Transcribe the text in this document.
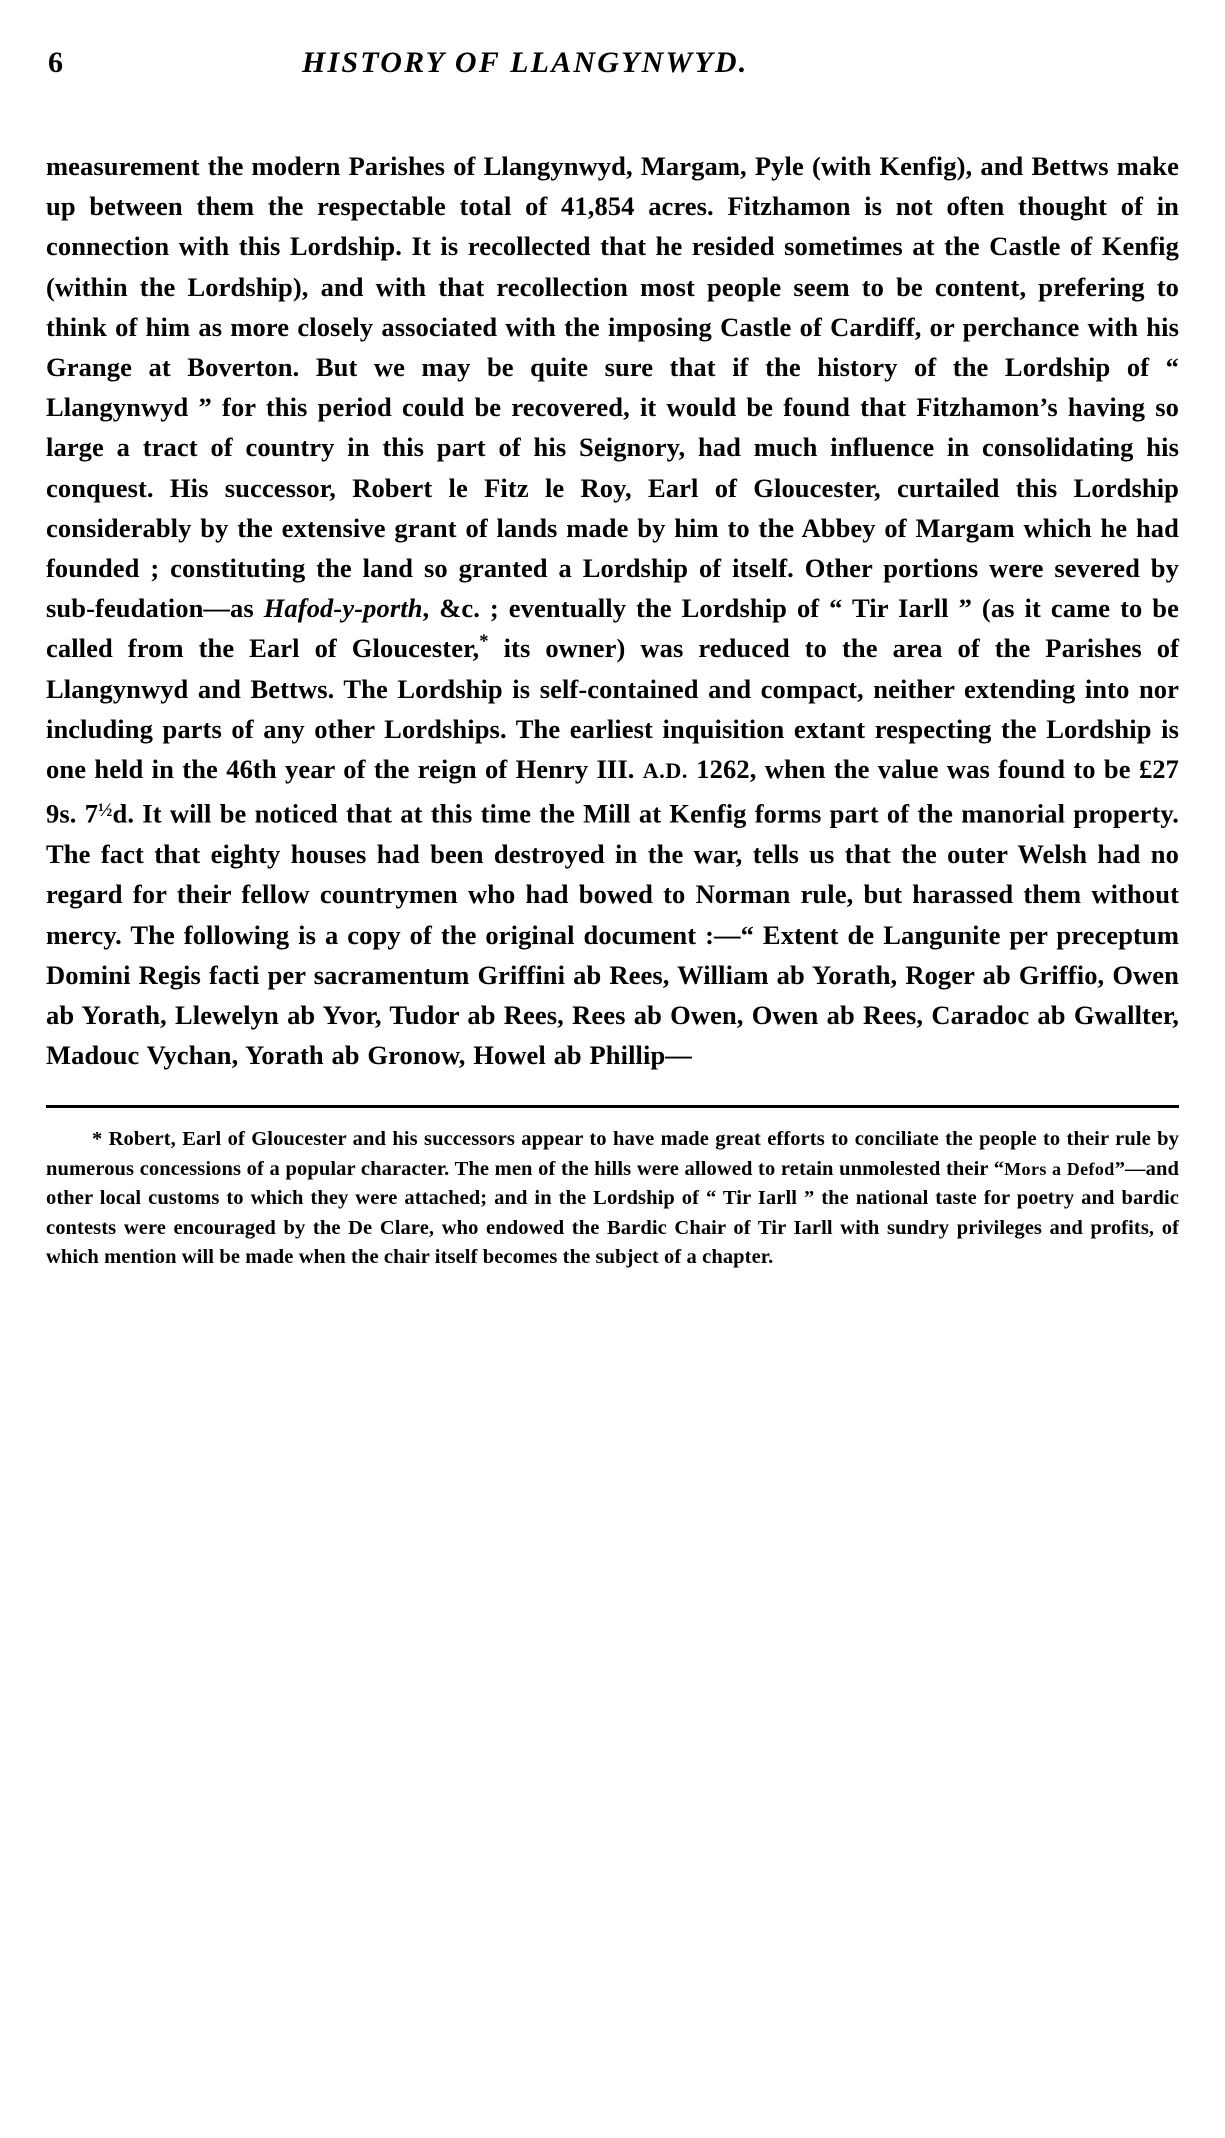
6	HISTORY OF LLANGYNWYD.
measurement the modern Parishes of Llangynwyd, Margam, Pyle (with Kenfig), and Bettws make up between them the respectable total of 41,854 acres. Fitzhamon is not often thought of in connection with this Lordship. It is recollected that he resided sometimes at the Castle of Kenfig (within the Lordship), and with that recollection most people seem to be content, prefering to think of him as more closely associated with the imposing Castle of Cardiff, or perchance with his Grange at Boverton. But we may be quite sure that if the history of the Lordship of “ Llangynwyd ” for this period could be recovered, it would be found that Fitzhamon’s having so large a tract of country in this part of his Seignory, had much influence in consolidating his conquest. His successor, Robert le Fitz le Roy, Earl of Gloucester, curtailed this Lordship considerably by the extensive grant of lands made by him to the Abbey of Margam which he had founded ; constituting the land so granted a Lordship of itself. Other portions were severed by sub-feudation—as Hafod-y-porth, &c. ; eventually the Lordship of “ Tir Iarll ” (as it came to be called from the Earl of Gloucester,* its owner) was reduced to the area of the Parishes of Llangynwyd and Bettws. The Lordship is self-contained and compact, neither extending into nor including parts of any other Lordships. The earliest inquisition extant respecting the Lordship is one held in the 46th year of the reign of Henry III. A.D. 1262, when the value was found to be £27 9s. $7^{\frac{1}{2}}d$. It will be noticed that at this time the Mill at Kenfig forms part of the manorial property. The fact that eighty houses had been destroyed in the war, tells us that the outer Welsh had no regard for their fellow countrymen who had bowed to Norman rule, but harassed them without mercy. The following is a copy of the original document :—“ Extent de Langunite per preceptum Domini Regis facti per sacramentum Griffini ab Rees, William ab Yorath, Roger ab Griffio, Owen ab Yorath, Llewelyn ab Yvor, Tudor ab Rees, Rees ab Owen, Owen ab Rees, Caradoc ab Gwallter, Madouc Vychan, Yorath ab Gronow, Howel ab Phillip—
* Robert, Earl of Gloucester and his successors appear to have made great efforts to conciliate the people to their rule by numerous concessions of a popular character. The men of the hills were allowed to retain unmolested their “Mors a Defod”—and other local customs to which they were attached; and in the Lordship of “ Tir Iarll ” the national taste for poetry and bardic contests were encouraged by the De Clare, who endowed the Bardic Chair of Tir Iarll with sundry privileges and profits, of which mention will be made when the chair itself becomes the subject of a chapter.
